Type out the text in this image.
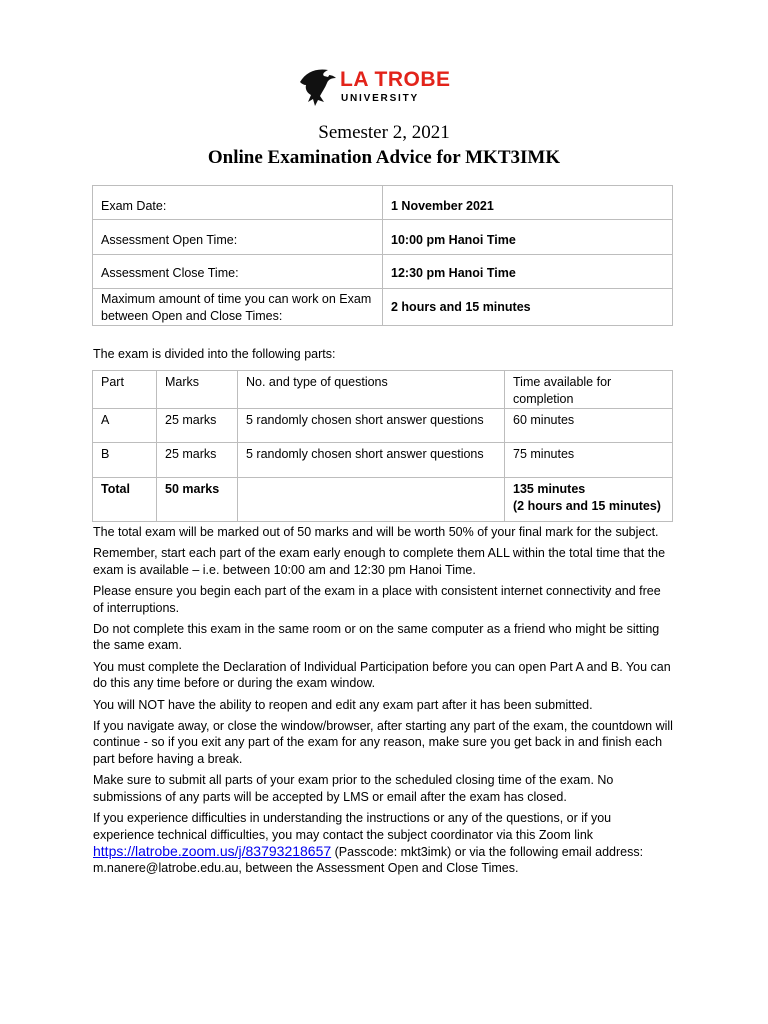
LA TROBE
UNIVERSITY
Semester 2, 2021
Online Examination Advice for MKT3IMK
Exam Date:	1 November 2021
Assessment Open Time:	10:00 pm Hanoi Time
Assessment Close Time:	12:30 pm Hanoi Time
Maximum amount of time you can work on Exam between Open and Close Times:	2 hours and 15 minutes
The exam is divided into the following parts:
Part	Marks	No. and type of questions	Time available for completion
A	25 marks	5 randomly chosen short answer questions	60 minutes
B	25 marks	5 randomly chosen short answer questions	75 minutes
Total	50 marks		135 minutes
(2 hours and 15 minutes)

The total exam will be marked out of 50 marks and will be worth 50% of your final mark for the subject.

Remember, start each part of the exam early enough to complete them ALL within the total time that the exam is available – i.e. between 10:00 am and 12:30 pm Hanoi Time.

Please ensure you begin each part of the exam in a place with consistent internet connectivity and free of interruptions.

Do not complete this exam in the same room or on the same computer as a friend who might be sitting the same exam.

You must complete the Declaration of Individual Participation before you can open Part A and B. You can do this any time before or during the exam window.

You will NOT have the ability to reopen and edit any exam part after it has been submitted.

If you navigate away, or close the window/browser, after starting any part of the exam, the countdown will continue - so if you exit any part of the exam for any reason, make sure you get back in and finish each part before having a break.

Make sure to submit all parts of your exam prior to the scheduled closing time of the exam. No submissions of any parts will be accepted by LMS or email after the exam has closed.

If you experience difficulties in understanding the instructions or any of the questions, or if you experience technical difficulties, you may contact the subject coordinator via this Zoom link https://latrobe.zoom.us/j/83793218657 (Passcode: mkt3imk) or via the following email address: m.nanere@latrobe.edu.au, between the Assessment Open and Close Times.
